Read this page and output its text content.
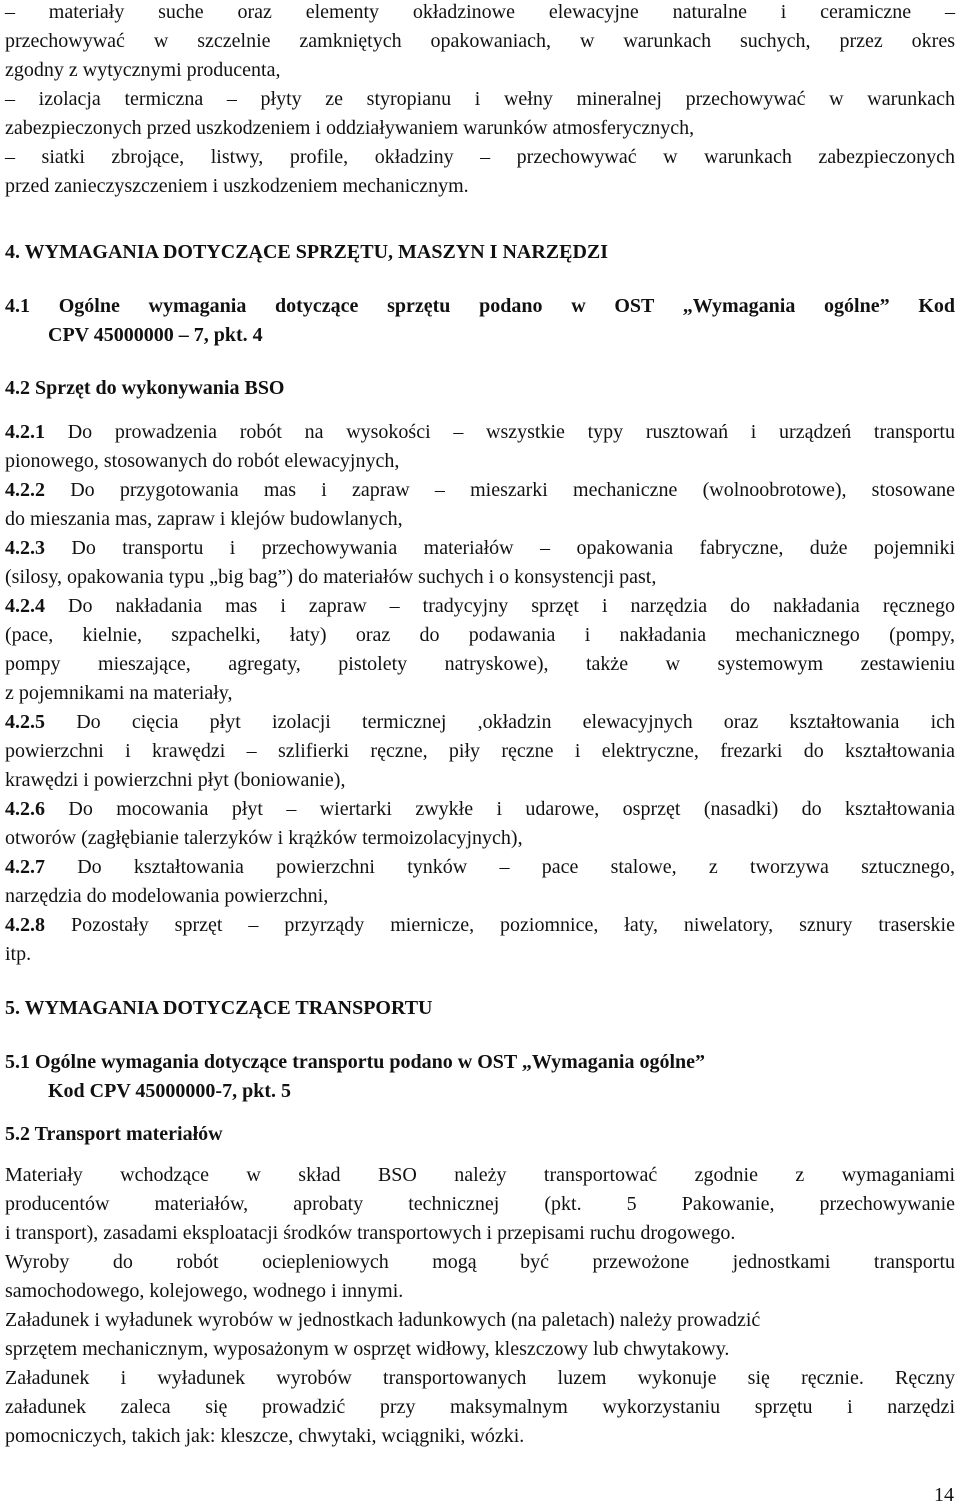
– materiały suche oraz elementy okładzinowe elewacyjne naturalne i ceramiczne –
przechowywać w szczelnie zamkniętych opakowaniach, w warunkach suchych, przez okres
zgodny z wytycznymi producenta,
– izolacja termiczna – płyty ze styropianu i wełny mineralnej przechowywać w warunkach
zabezpieczonych przed uszkodzeniem i oddziaływaniem warunków atmosferycznych,
– siatki zbrojące, listwy, profile, okładziny – przechowywać w warunkach zabezpieczonych
przed zanieczyszczeniem i uszkodzeniem mechanicznym.
4. WYMAGANIA DOTYCZĄCE SPRZĘTU, MASZYN I NARZĘDZI
4.1 Ogólne wymagania dotyczące sprzętu podano w OST „Wymagania ogólne” Kod
CPV 45000000 – 7, pkt. 4
4.2 Sprzęt do wykonywania BSO
4.2.1 Do prowadzenia robót na wysokości – wszystkie typy rusztowań i urządzeń transportu
pionowego, stosowanych do robót elewacyjnych,
4.2.2 Do przygotowania mas i zapraw – mieszarki mechaniczne (wolnoobrotowe), stosowane
do mieszania mas, zapraw i klejów budowlanych,
4.2.3 Do transportu i przechowywania materiałów – opakowania fabryczne, duże pojemniki
(silosy, opakowania typu „big bag”) do materiałów suchych i o konsystencji past,
4.2.4 Do nakładania mas i zapraw – tradycyjny sprzęt i narzędzia do nakładania ręcznego
(pace, kielnie, szpachelki, łaty) oraz do podawania i nakładania mechanicznego (pompy,
pompy mieszające, agregaty, pistolety natryskowe), także w systemowym zestawieniu
z pojemnikami na materiały,
4.2.5 Do cięcia płyt izolacji termicznej ,okładzin elewacyjnych oraz kształtowania ich
powierzchni i krawędzi – szlifierki ręczne, piły ręczne i elektryczne, frezarki do kształtowania
krawędzi i powierzchni płyt (boniowanie),
4.2.6 Do mocowania płyt – wiertarki zwykłe i udarowe, osprzęt (nasadki) do kształtowania
otworów (zagłębianie talerzyków i krążków termoizolacyjnych),
4.2.7 Do kształtowania powierzchni tynków – pace stalowe, z tworzywa sztucznego,
narzędzia do modelowania powierzchni,
4.2.8 Pozostały sprzęt – przyrządy miernicze, poziomnice, łaty, niwelatory, sznury traserskie
itp.
5. WYMAGANIA DOTYCZĄCE TRANSPORTU
5.1 Ogólne wymagania dotyczące transportu podano w OST „Wymagania ogólne”
Kod CPV 45000000-7, pkt. 5
5.2 Transport materiałów
Materiały wchodzące w skład BSO należy transportować zgodnie z wymaganiami
producentów materiałów, aprobaty technicznej (pkt. 5 Pakowanie, przechowywanie
i transport), zasadami eksploatacji środków transportowych i przepisami ruchu drogowego.
Wyroby do robót ociepleniowych mogą być przewożone jednostkami transportu
samochodowego, kolejowego, wodnego i innymi.
Załadunek i wyładunek wyrobów w jednostkach ładunkowych (na paletach) należy prowadzić
sprzętem mechanicznym, wyposażonym w osprzęt widłowy, kleszczowy lub chwytakowy.
Załadunek i wyładunek wyrobów transportowanych luzem wykonuje się ręcznie. Ręczny
załadunek zaleca się prowadzić przy maksymalnym wykorzystaniu sprzętu i narzędzi
pomocniczych, takich jak: kleszcze, chwytaki, wciągniki, wózki.
14
